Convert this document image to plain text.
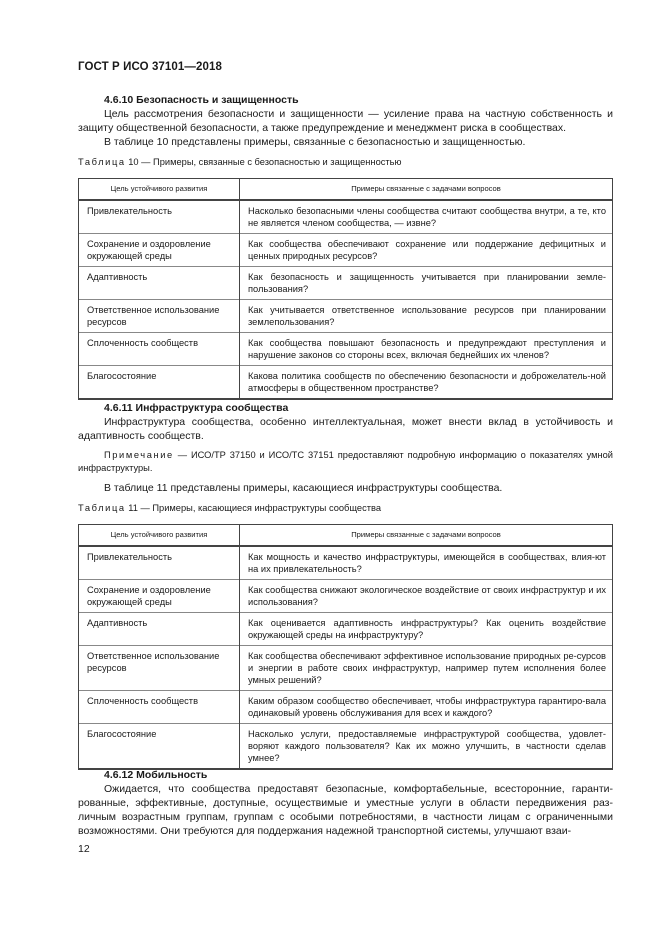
ГОСТ Р ИСО 37101—2018
4.6.10 Безопасность и защищенность

Цель рассмотрения безопасности и защищенности — усиление права на частную собственность и защиту общественной безопасности, а также предупреждение и менеджмент риска в сообществах.

В таблице 10 представлены примеры, связанные с безопасностью и защищенностью.

Таблица 10 — Примеры, связанные с безопасностью и защищенностью
Цель устойчивого развития	Примеры связанные с задачами вопросов
Привлекательность	Насколько безопасными члены сообщества считают сообщества внутри, а те, кто не является членом сообщества, — извне?
Сохранение и оздоровление окружающей среды	Как сообщества обеспечивают сохранение или поддержание дефицитных и ценных природных ресурсов?
Адаптивность	Как безопасность и защищенность учитывается при планировании земле-пользования?
Ответственное использование ресурсов	Как учитывается ответственное использование ресурсов при планировании землепользования?
Сплоченность сообществ	Как сообщества повышают безопасность и предупреждают преступления и нарушение законов со стороны всех, включая беднейших их членов?
Благосостояние	Какова политика сообществ по обеспечению безопасности и доброжелатель-ной атмосферы в общественном пространстве?
4.6.11 Инфраструктура сообщества

Инфраструктура сообщества, особенно интеллектуальная, может внести вклад в устойчивость и адаптивность сообществ.

Примечание — ИСО/ТР 37150 и ИСО/ТС 37151 предоставляют подробную информацию о показателях умной инфраструктуры.

В таблице 11 представлены примеры, касающиеся инфраструктуры сообщества.

Таблица 11 — Примеры, касающиеся инфраструктуры сообщества
Цель устойчивого развития	Примеры связанные с задачами вопросов
Привлекательность	Как мощность и качество инфраструктуры, имеющейся в сообществах, влия-ют на их привлекательность?
Сохранение и оздоровление окружающей среды	Как сообщества снижают экологическое воздействие от своих инфраструктур и их использования?
Адаптивность	Как оценивается адаптивность инфраструктуры? Как оценить воздействие окружающей среды на инфраструктуру?
Ответственное использование ресурсов	Как сообщества обеспечивают эффективное использование природных ре-сурсов и энергии в работе своих инфраструктур, например путем исполнения более умных решений?
Сплоченность сообществ	Каким образом сообщество обеспечивает, чтобы инфраструктура гарантиро-вала одинаковый уровень обслуживания для всех и каждого?
Благосостояние	Насколько услуги, предоставляемые инфраструктурой сообщества, удовлет-воряют каждого пользователя? Как их можно улучшить, в частности сделав умнее?
4.6.12 Мобильность

Ожидается, что сообщества предоставят безопасные, комфортабельные, всесторонние, гаранти-рованные, эффективные, доступные, осуществимые и уместные услуги в области передвижения раз-личным возрастным группам, группам с особыми потребностями, в частности лицам с ограниченными возможностями. Они требуются для поддержания надежной транспортной системы, улучшают взаи-

12
